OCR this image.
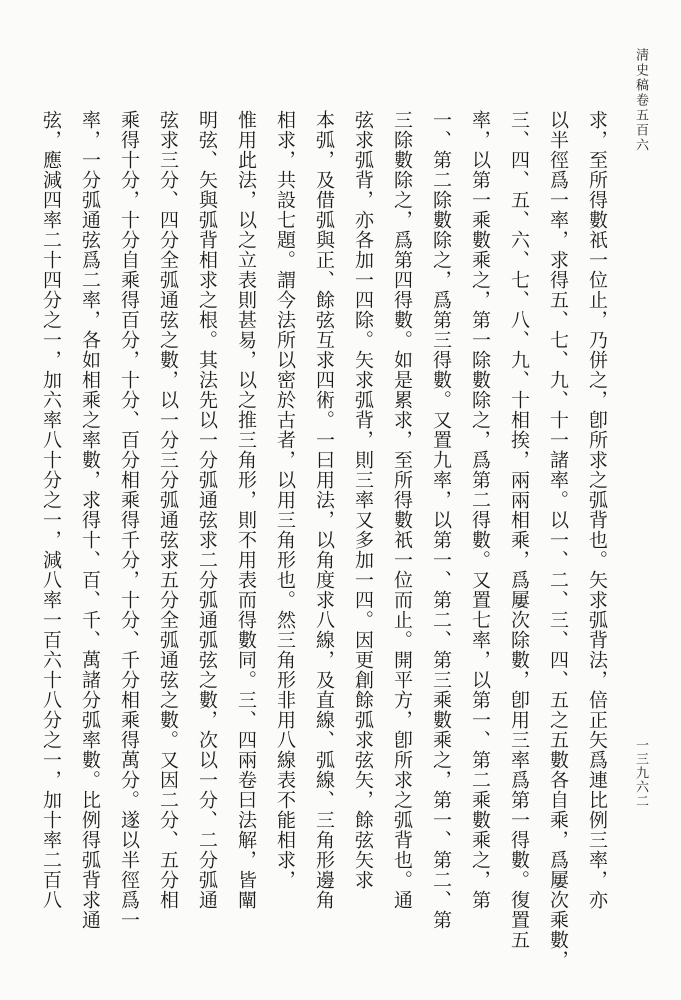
淸史稿卷五百六
一三九六二
求，至所得數祇一位止，乃併之，卽所求之弧背也。矢求弧背法，倍正矢爲連比例三率，亦
以半徑爲一率，求得五、七、九、十一諸率。以一、二、三、四、五之五數各自乘，爲屢次乘數，
三、四、五、六、七、八、九、十相挨，兩兩相乘，爲屢次除數，卽用三率爲第一得數。復置五
率，以第一乘數乘之，第一除數除之，爲第二得數。又置七率，以第一、第二乘數乘之，第
一、第二除數除之，爲第三得數。又置九率，以第一、第二、第三乘數乘之，第一、第二、第
三除數除之，爲第四得數。如是累求，至所得數祇一位而止。開平方，卽所求之弧背也。通
弦求弧背，亦各加一四除。矢求弧背，則三率又多加一四。因更創餘弧求弦矢，餘弦矢求
本弧，及借弧與正、餘弦互求四術。一曰用法，以角度求八線，及直線、弧線、三角形邊角
相求，共設七題。謂今法所以密於古者，以用三角形也。然三角形非用八線表不能相求，
惟用此法，以之立表則甚易，以之推三角形，則不用表而得數同。三、四兩卷曰法解，皆闡
明弦、矢與弧背相求之根。其法先以一分弧通弦求二分弧通弧弦之數，次以一分、二分弧通
弦求三分、四分全弧通弦之數，以一分三分弧通弦求五分全弧通弦之數。又因二分、五分相
乘得十分，十分自乘得百分，十分、百分相乘得千分，十分、千分相乘得萬分。遂以半徑爲一
率，一分弧通弦爲二率，各如相乘之率數，求得十、百、千、萬諸分弧率數。比例得弧背求通
弦，應減四率二十四分之一，加六率八十分之一，減八率一百六十八分之一，加十率二百八
